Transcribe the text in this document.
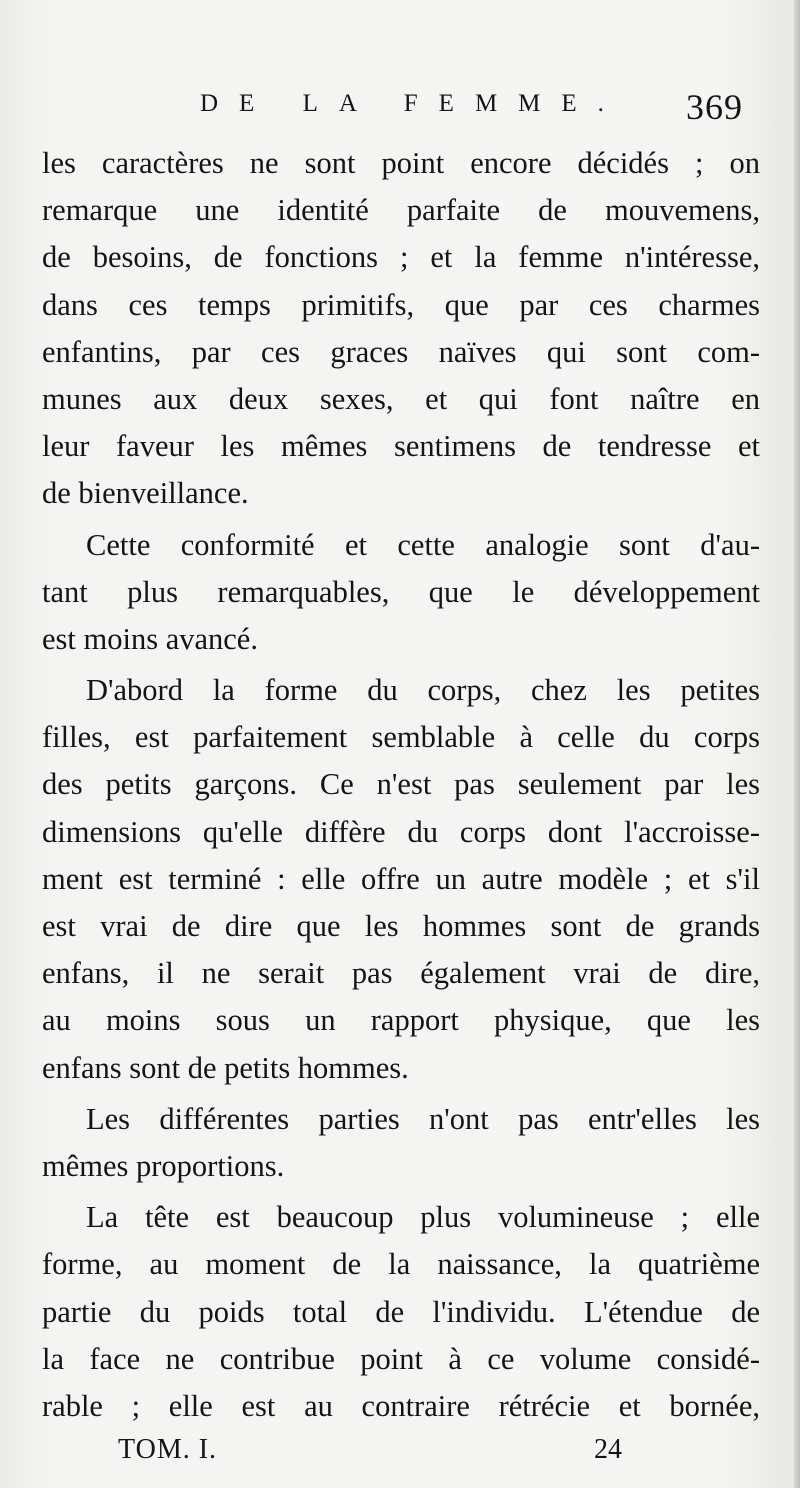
DE LA FEMME. 369
les caractères ne sont point encore décidés ; on
remarque une identité parfaite de mouvemens,
de besoins, de fonctions ; et la femme n'intéresse,
dans ces temps primitifs, que par ces charmes
enfantins, par ces graces naïves qui sont com-
munes aux deux sexes, et qui font naître en
leur faveur les mêmes sentimens de tendresse et
de bienveillance.
Cette conformité et cette analogie sont d'au-
tant plus remarquables, que le développement
est moins avancé.
D'abord la forme du corps, chez les petites
filles, est parfaitement semblable à celle du corps
des petits garçons. Ce n'est pas seulement par les
dimensions qu'elle diffère du corps dont l'accroisse-
ment est terminé : elle offre un autre modèle ; et s'il
est vrai de dire que les hommes sont de grands
enfans, il ne serait pas également vrai de dire,
au moins sous un rapport physique, que les
enfans sont de petits hommes.
Les différentes parties n'ont pas entr'elles les
mêmes proportions.
La tête est beaucoup plus volumineuse ; elle
forme, au moment de la naissance, la quatrième
partie du poids total de l'individu. L'étendue de
la face ne contribue point à ce volume considé-
rable ; elle est au contraire rétrécie et bornée,
TOM. I.	24
